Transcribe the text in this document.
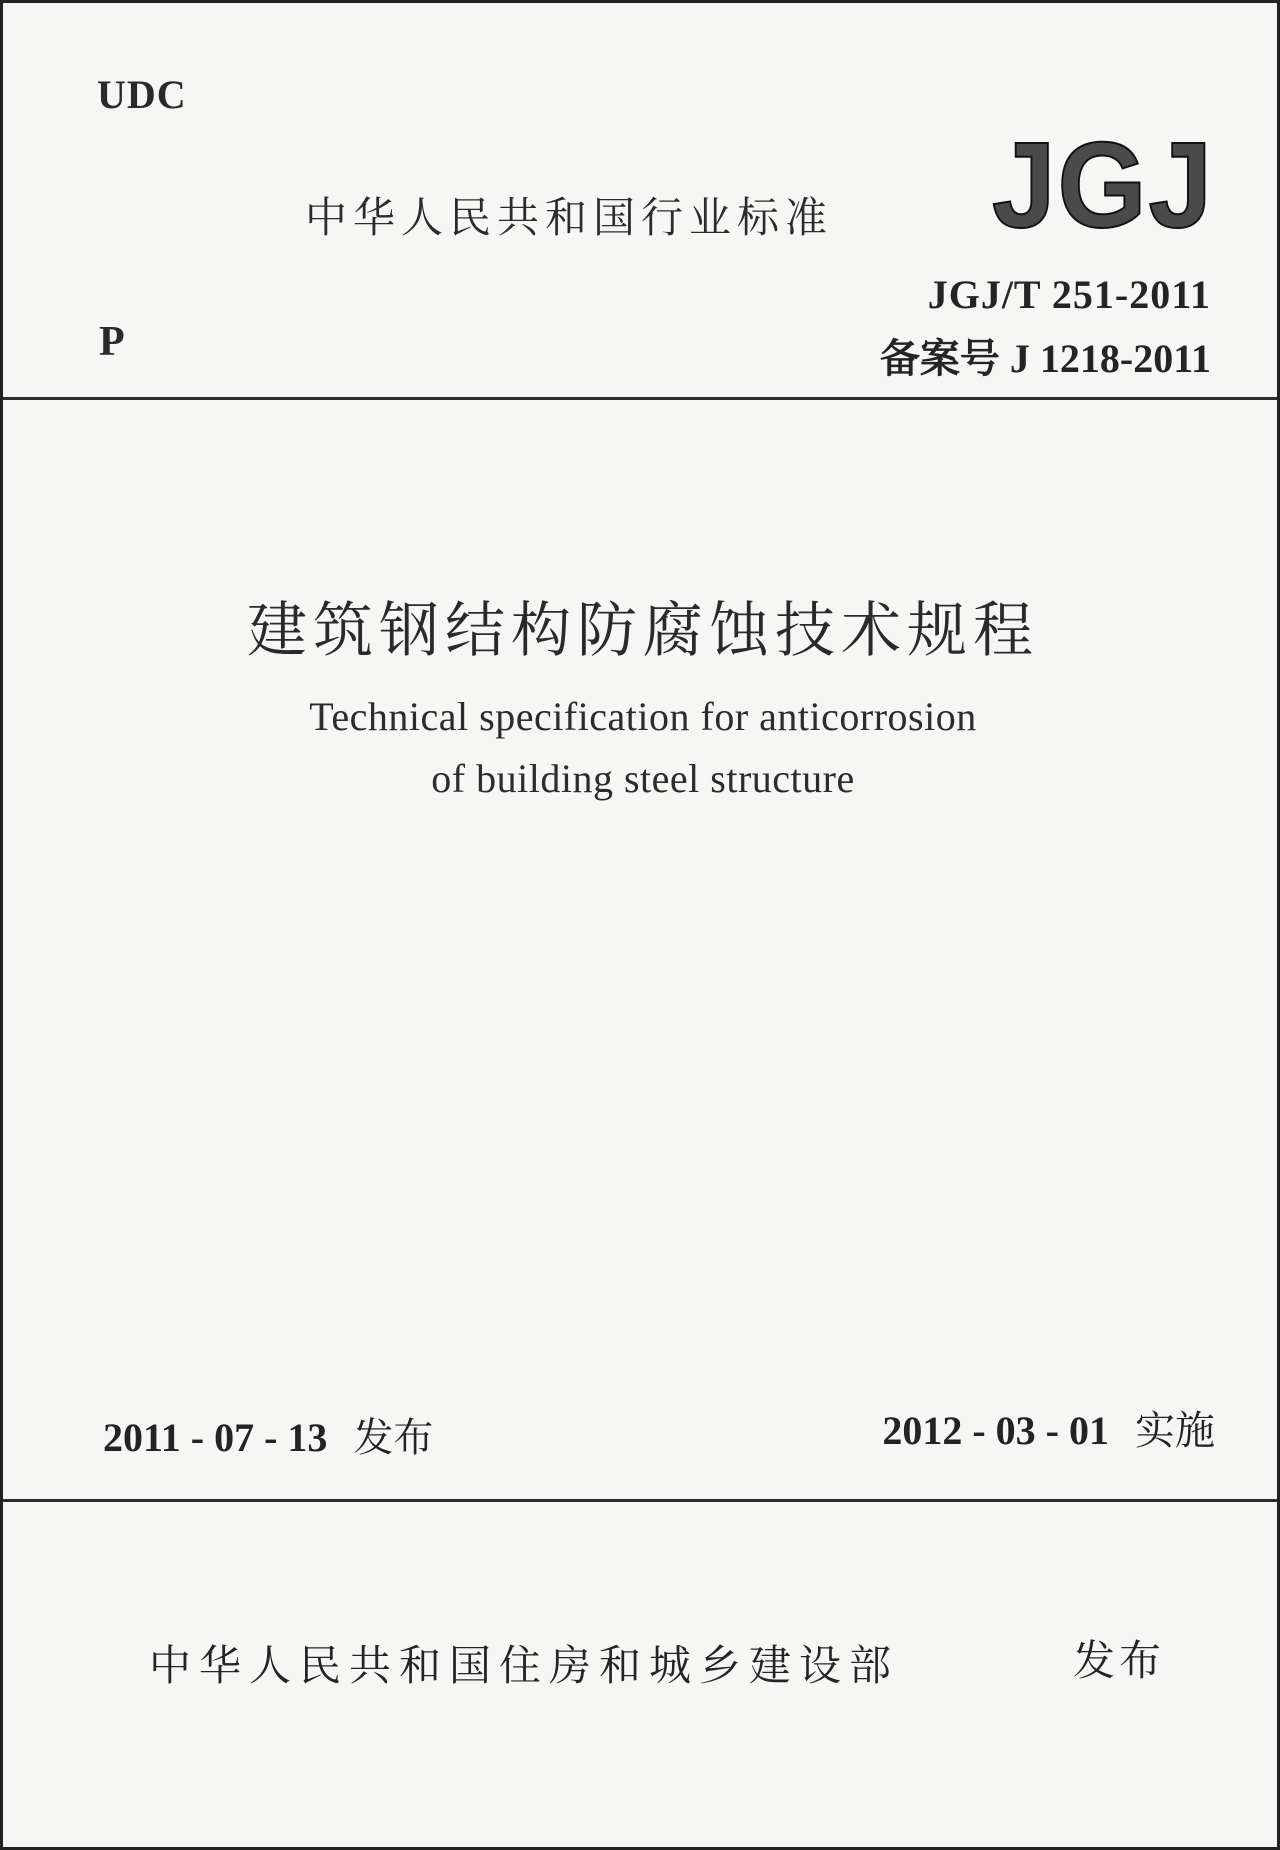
UDC
中华人民共和国行业标准 JGJ
P
JGJ/T 251-2011
备案号 J 1218-2011
建筑钢结构防腐蚀技术规程
Technical specification for anticorrosion
of building steel structure
2011 - 07 - 13 发布	2012 - 03 - 01 实施
中华人民共和国住房和城乡建设部	发布
